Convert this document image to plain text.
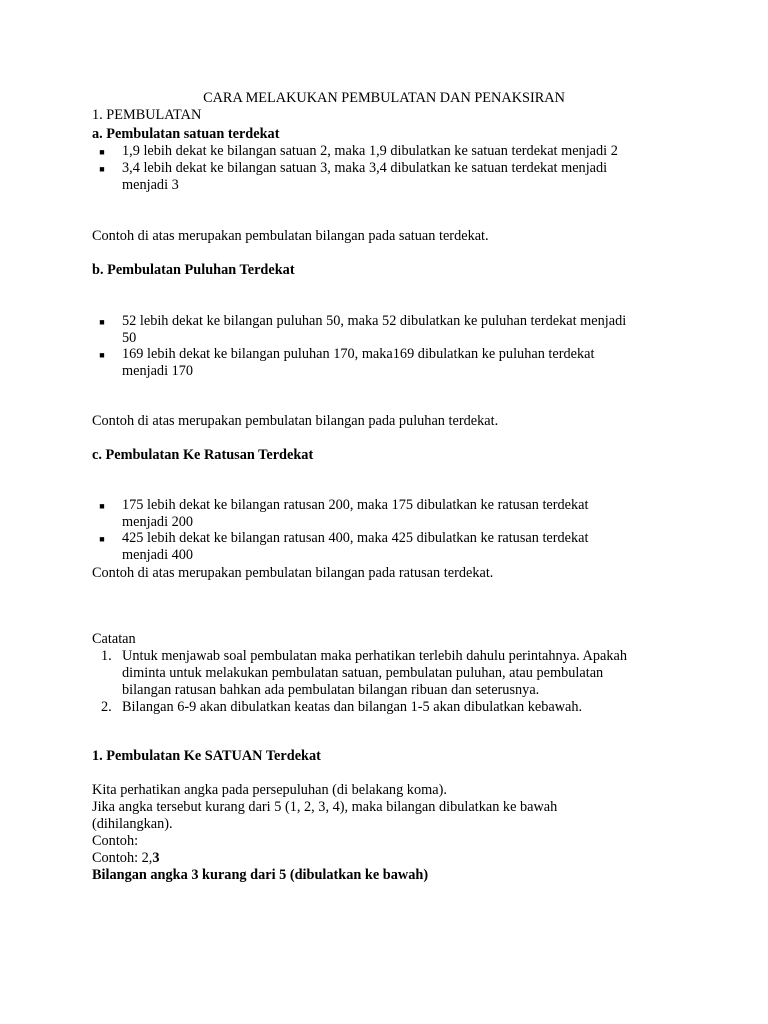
CARA MELAKUKAN PEMBULATAN DAN PENAKSIRAN
1. PEMBULATAN
a. Pembulatan satuan terdekat
■ 1,9 lebih dekat ke bilangan satuan 2, maka 1,9 dibulatkan ke satuan terdekat menjadi 2
■ 3,4 lebih dekat ke bilangan satuan 3, maka 3,4 dibulatkan ke satuan terdekat menjadi
menjadi 3
Contoh di atas merupakan pembulatan bilangan pada satuan terdekat.
b. Pembulatan Puluhan Terdekat
■ 52 lebih dekat ke bilangan puluhan 50, maka 52 dibulatkan ke puluhan terdekat menjadi
50
■ 169 lebih dekat ke bilangan puluhan 170, maka169 dibulatkan ke puluhan terdekat
menjadi 170
Contoh di atas merupakan pembulatan bilangan pada puluhan terdekat.
c. Pembulatan Ke Ratusan Terdekat
■ 175 lebih dekat ke bilangan ratusan 200, maka 175 dibulatkan ke ratusan terdekat
menjadi 200
■ 425 lebih dekat ke bilangan ratusan 400, maka 425 dibulatkan ke ratusan terdekat
menjadi 400
Contoh di atas merupakan pembulatan bilangan pada ratusan terdekat.
Catatan
1. Untuk menjawab soal pembulatan maka perhatikan terlebih dahulu perintahnya. Apakah
diminta untuk melakukan pembulatan satuan, pembulatan puluhan, atau pembulatan
bilangan ratusan bahkan ada pembulatan bilangan ribuan dan seterusnya.
2. Bilangan 6-9 akan dibulatkan keatas dan bilangan 1-5 akan dibulatkan kebawah.
1. Pembulatan Ke SATUAN Terdekat
Kita perhatikan angka pada persepuluhan (di belakang koma).
Jika angka tersebut kurang dari 5 (1, 2, 3, 4), maka bilangan dibulatkan ke bawah
(dihilangkan).
Contoh:
Contoh: 2,3
Bilangan angka 3 kurang dari 5 (dibulatkan ke bawah)
